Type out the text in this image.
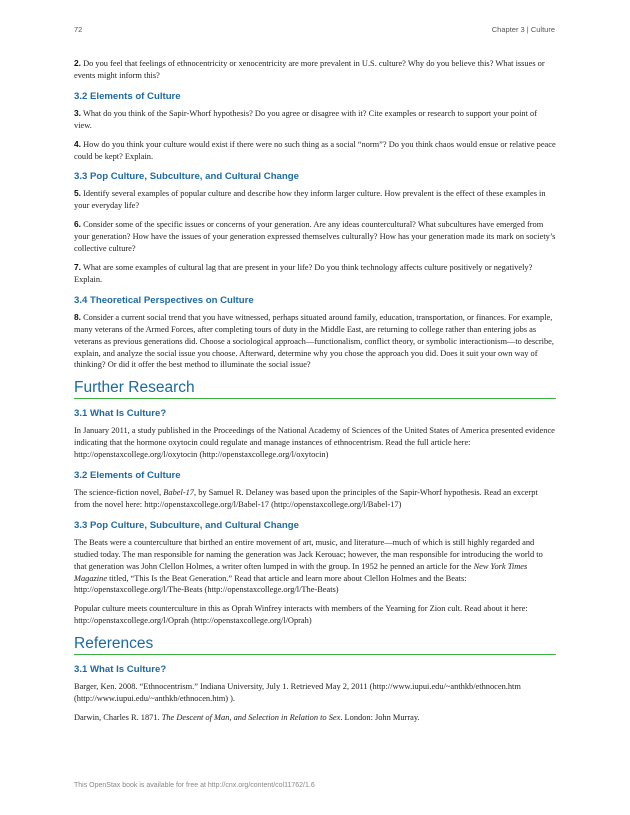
72	Chapter 3 | Culture

2. Do you feel that feelings of ethnocentricity or xenocentricity are more prevalent in U.S. culture? Why do you believe this? What issues or events might inform this?

3.2 Elements of Culture

3. What do you think of the Sapir-Whorf hypothesis? Do you agree or disagree with it? Cite examples or research to support your point of view.

4. How do you think your culture would exist if there were no such thing as a social “norm”? Do you think chaos would ensue or relative peace could be kept? Explain.

3.3 Pop Culture, Subculture, and Cultural Change

5. Identify several examples of popular culture and describe how they inform larger culture. How prevalent is the effect of these examples in your everyday life?

6. Consider some of the specific issues or concerns of your generation. Are any ideas countercultural? What subcultures have emerged from your generation? How have the issues of your generation expressed themselves culturally? How has your generation made its mark on society’s collective culture?

7. What are some examples of cultural lag that are present in your life? Do you think technology affects culture positively or negatively? Explain.

3.4 Theoretical Perspectives on Culture

8. Consider a current social trend that you have witnessed, perhaps situated around family, education, transportation, or finances. For example, many veterans of the Armed Forces, after completing tours of duty in the Middle East, are returning to college rather than entering jobs as veterans as previous generations did. Choose a sociological approach—functionalism, conflict theory, or symbolic interactionism—to describe, explain, and analyze the social issue you choose. Afterward, determine why you chose the approach you did. Does it suit your own way of thinking? Or did it offer the best method to illuminate the social issue?

Further Research
3.1 What Is Culture?

In January 2011, a study published in the Proceedings of the National Academy of Sciences of the United States of America presented evidence indicating that the hormone oxytocin could regulate and manage instances of ethnocentrism. Read the full article here: http://openstaxcollege.org/l/oxytocin (http://openstaxcollege.org/l/oxytocin)

3.2 Elements of Culture

The science-fiction novel, Babel-17, by Samuel R. Delaney was based upon the principles of the Sapir-Whorf hypothesis. Read an excerpt from the novel here: http://openstaxcollege.org/l/Babel-17 (http://openstaxcollege.org/l/Babel-17)

3.3 Pop Culture, Subculture, and Cultural Change

The Beats were a counterculture that birthed an entire movement of art, music, and literature—much of which is still highly regarded and studied today. The man responsible for naming the generation was Jack Kerouac; however, the man responsible for introducing the world to that generation was John Clellon Holmes, a writer often lumped in with the group. In 1952 he penned an article for the New York Times Magazine titled, “This Is the Beat Generation.” Read that article and learn more about Clellon Holmes and the Beats: http://openstaxcollege.org/l/The-Beats (http://openstaxcollege.org/l/The-Beats)

Popular culture meets counterculture in this as Oprah Winfrey interacts with members of the Yearning for Zion cult. Read about it here: http://openstaxcollege.org/l/Oprah (http://openstaxcollege.org/l/Oprah)

References
3.1 What Is Culture?

Barger, Ken. 2008. “Ethnocentrism.” Indiana University, July 1. Retrieved May 2, 2011 (http://www.iupui.edu/~anthkb/ethnocen.htm (http://www.iupui.edu/~anthkb/ethnocen.htm) ).

Darwin, Charles R. 1871. The Descent of Man, and Selection in Relation to Sex. London: John Murray.

This OpenStax book is available for free at http://cnx.org/content/col11762/1.6
